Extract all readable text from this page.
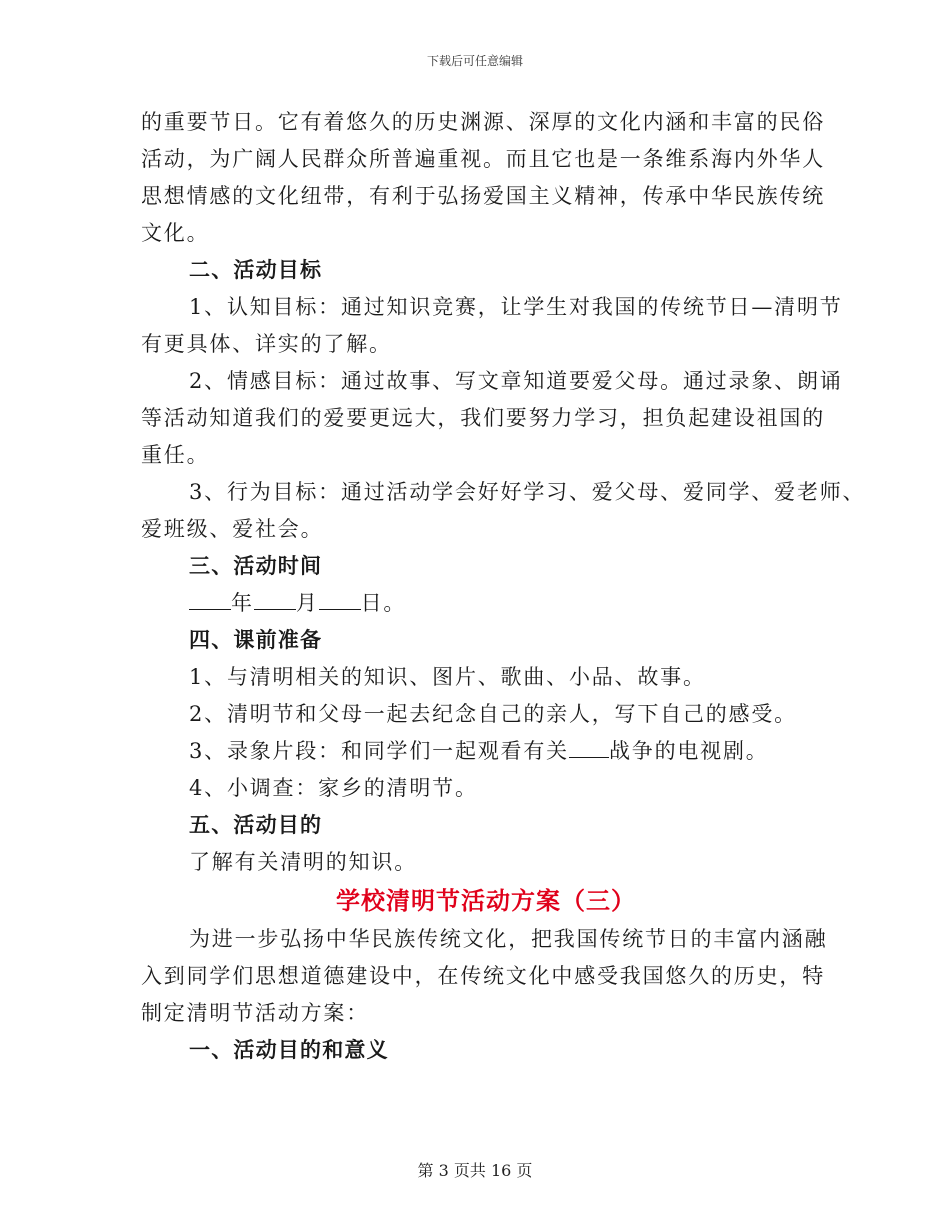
下载后可任意编辑
的重要节日。它有着悠久的历史渊源、深厚的文化内涵和丰富的民俗
活动，为广阔人民群众所普遍重视。而且它也是一条维系海内外华人
思想情感的文化纽带，有利于弘扬爱国主义精神，传承中华民族传统
文化。
二、活动目标
1、认知目标：通过知识竞赛，让学生对我国的传统节日—清明节
有更具体、详实的了解。
2、情感目标：通过故事、写文章知道要爱父母。通过录象、朗诵
等活动知道我们的爱要更远大，我们要努力学习，担负起建设祖国的
重任。
3、行为目标：通过活动学会好好学习、爱父母、爱同学、爱老师、
爱班级、爱社会。
三、活动时间
年 月 日。
四、课前准备
1、与清明相关的知识、图片、歌曲、小品、故事。
2、清明节和父母一起去纪念自己的亲人，写下自己的感受。
3、录象片段：和同学们一起观看有关 战争的电视剧。
4、小调查：家乡的清明节。
五、活动目的
了解有关清明的知识。
学校清明节活动方案（三）
为进一步弘扬中华民族传统文化，把我国传统节日的丰富内涵融
入到同学们思想道德建设中，在传统文化中感受我国悠久的历史，特
制定清明节活动方案：
一、活动目的和意义
第 3 页共 16 页
